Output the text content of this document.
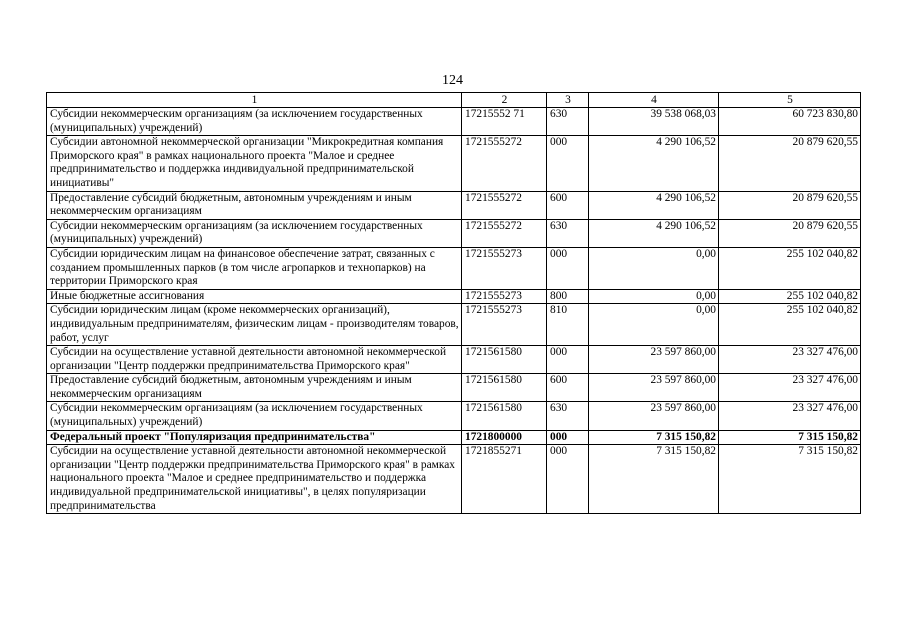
124
1	2	3	4	5
Субсидии некоммерческим организациям (за исключением государственных (муниципальных) учреждений)	17215552 71	630	39 538 068,03	60 723 830,80
Субсидии автономной некоммерческой организации "Микрокредитная компания Приморского края" в рамках национального проекта "Малое и среднее предпринимательство и поддержка индивидуальной предпринимательской инициативы"	1721555272	000	4 290 106,52	20 879 620,55
Предоставление субсидий бюджетным, автономным учреждениям и иным некоммерческим организациям	1721555272	600	4 290 106,52	20 879 620,55
Субсидии некоммерческим организациям (за исключением государственных (муниципальных) учреждений)	1721555272	630	4 290 106,52	20 879 620,55
Субсидии юридическим лицам на финансовое обеспечение затрат, связанных с созданием промышленных парков (в том числе агропарков и технопарков) на территории Приморского края	1721555273	000	0,00	255 102 040,82
Иные бюджетные ассигнования	1721555273	800	0,00	255 102 040,82
Субсидии юридическим лицам (кроме некоммерческих организаций), индивидуальным предпринимателям, физическим лицам - производителям товаров, работ, услуг	1721555273	810	0,00	255 102 040,82
Субсидии на осуществление уставной деятельности автономной некоммерческой организации "Центр поддержки предпринимательства Приморского края"	1721561580	000	23 597 860,00	23 327 476,00
Предоставление субсидий бюджетным, автономным учреждениям и иным некоммерческим организациям	1721561580	600	23 597 860,00	23 327 476,00
Субсидии некоммерческим организациям (за исключением государственных (муниципальных) учреждений)	1721561580	630	23 597 860,00	23 327 476,00
Федеральный проект "Популяризация предпринимательства"	1721800000	000	7 315 150,82	7 315 150,82
Субсидии на осуществление уставной деятельности автономной некоммерческой организации "Центр поддержки предпринимательства Приморского края" в рамках национального проекта "Малое и среднее предпринимательство и поддержка индивидуальной предпринимательской инициативы", в целях популяризации предпринимательства	1721855271	000	7 315 150,82	7 315 150,82
